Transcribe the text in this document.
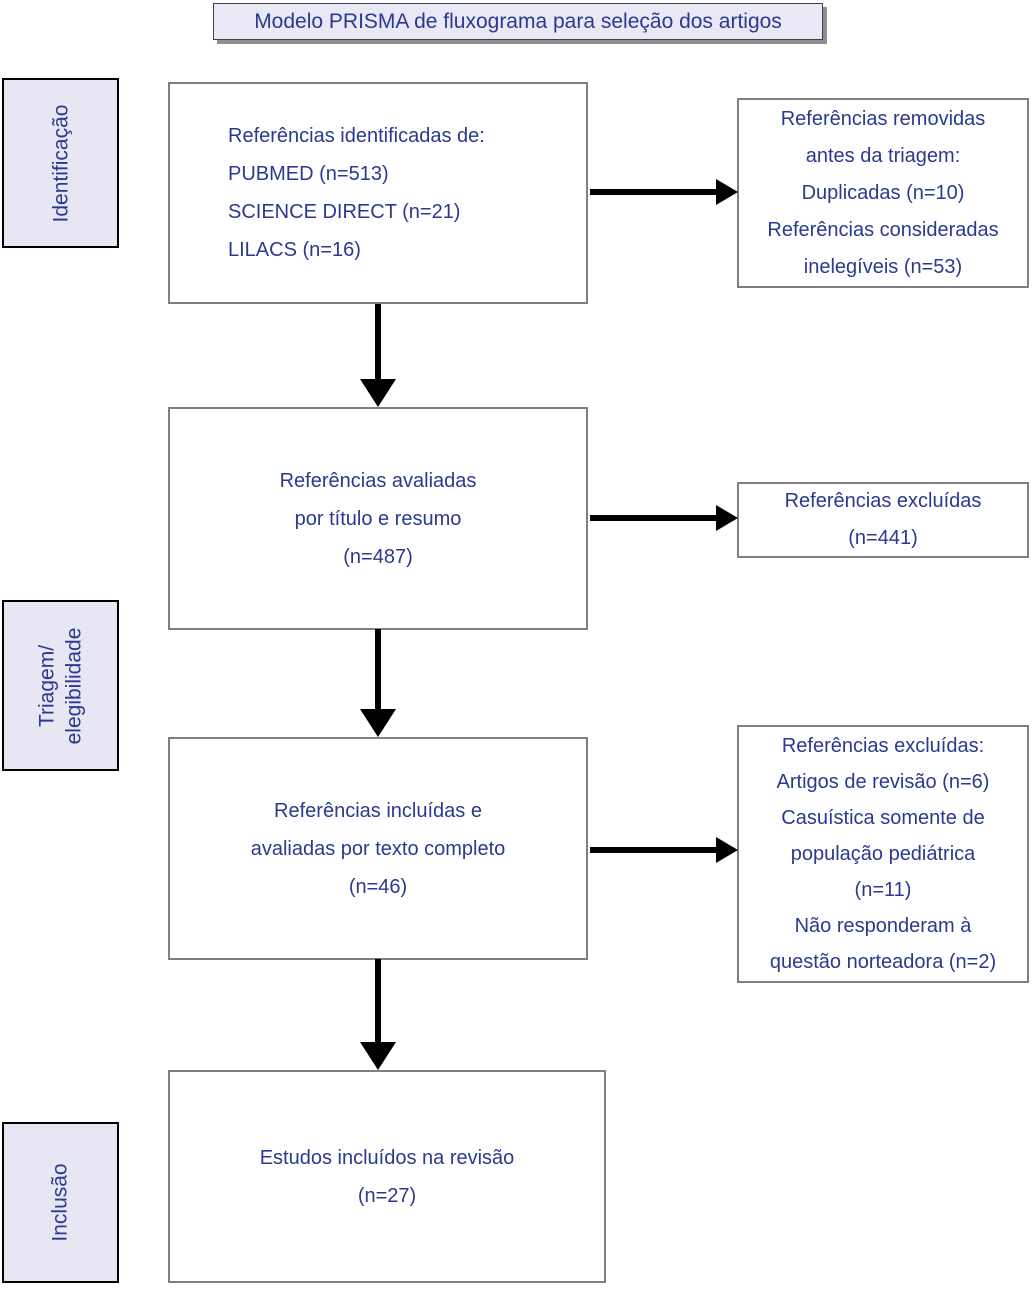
Modelo PRISMA de fluxograma para seleção dos artigos
Identificação
Triagem/ elegibilidade
Inclusão
Referências identificadas de:
PUBMED (n=513)
SCIENCE DIRECT (n=21)
LILACS (n=16)
Referências avaliadas
por título e resumo
(n=487)
Referências incluídas e
avaliadas por texto completo
(n=46)
Estudos incluídos na revisão
(n=27)
Referências removidas
antes da triagem:
Duplicadas (n=10)
Referências consideradas
inelegíveis (n=53)
Referências excluídas
(n=441)
Referências excluídas:
Artigos de revisão (n=6)
Casuística somente de
população pediátrica
(n=11)
Não responderam à
questão norteadora (n=2)
